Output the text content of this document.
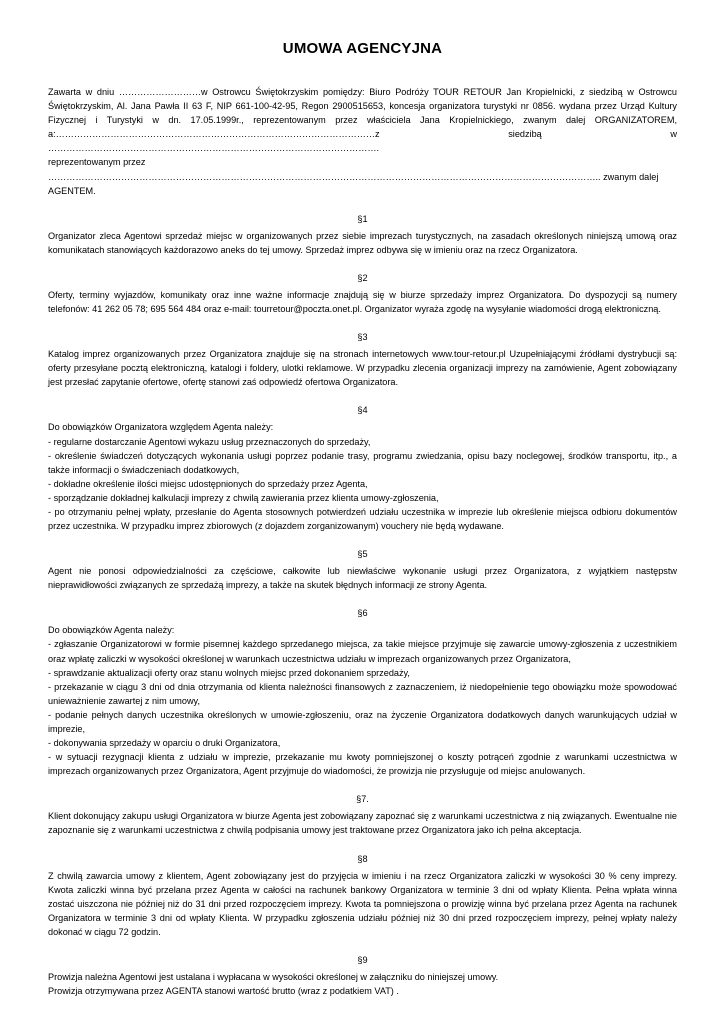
UMOWA AGENCYJNA

Zawarta w dniu ………………………w Ostrowcu Świętokrzyskim pomiędzy: Biuro Podróży TOUR RETOUR Jan Kropielnicki, z siedzibą w Ostrowcu Świętokrzyskim, Al. Jana Pawła II 63 F, NIP 661-100-42-95, Regon 2900515653, koncesja organizatora turystyki nr 0856. wydana przez Urząd Kultury Fizycznej i Turystyki w dn. 17.05.1999r., reprezentowanym przez właściciela Jana Kropielnickiego, zwanym dalej ORGANIZATOREM, a:……………………………………………………………………………………………z siedzibą w ……………………………………………………………………………………………….

reprezentowanym przez ……………………………………………………………………………………………………………………………………………………………….. zwanym dalej AGENTEM.

§1

Organizator zleca Agentowi sprzedaż miejsc w organizowanych przez siebie imprezach turystycznych, na zasadach określonych niniejszą umową oraz komunikatach stanowiących każdorazowo aneks do tej umowy. Sprzedaż imprez odbywa się w imieniu oraz na rzecz Organizatora.

§2

Oferty, terminy wyjazdów, komunikaty oraz inne ważne informacje znajdują się w biurze sprzedaży imprez Organizatora. Do dyspozycji są numery telefonów: 41 262 05 78; 695 564 484 oraz e-mail: tourretour@poczta.onet.pl. Organizator wyraża zgodę na wysyłanie wiadomości drogą elektroniczną.

§3

Katalog imprez organizowanych przez Organizatora znajduje się na stronach internetowych www.tour-retour.pl Uzupełniającymi źródłami dystrybucji są: oferty przesyłane pocztą elektroniczną, katalogi i foldery, ulotki reklamowe. W przypadku zlecenia organizacji imprezy na zamówienie, Agent zobowiązany jest przesłać zapytanie ofertowe, ofertę stanowi zaś odpowiedź ofertowa Organizatora.

§4

Do obowiązków Organizatora względem Agenta należy:

- regularne dostarczanie Agentowi wykazu usług przeznaczonych do sprzedaży,

- określenie świadczeń dotyczących wykonania usługi poprzez podanie trasy, programu zwiedzania, opisu bazy noclegowej, środków transportu, itp., a także informacji o świadczeniach dodatkowych,

- dokładne określenie ilości miejsc udostępnionych do sprzedaży przez Agenta,

- sporządzanie dokładnej kalkulacji imprezy z chwilą zawierania przez klienta umowy-zgłoszenia,

- po otrzymaniu pełnej wpłaty, przesłanie do Agenta stosownych potwierdzeń udziału uczestnika w imprezie lub określenie miejsca odbioru dokumentów przez uczestnika. W przypadku imprez zbiorowych (z dojazdem zorganizowanym) vouchery nie będą wydawane.

§5

Agent nie ponosi odpowiedzialności za częściowe, całkowite lub niewłaściwe wykonanie usługi przez Organizatora, z wyjątkiem następstw nieprawidłowości związanych ze sprzedażą imprezy, a także na skutek błędnych informacji ze strony Agenta.

§6

Do obowiązków Agenta należy:

- zgłaszanie Organizatorowi w formie pisemnej każdego sprzedanego miejsca, za takie miejsce przyjmuje się zawarcie umowy-zgłoszenia z uczestnikiem oraz wpłatę zaliczki w wysokości określonej w warunkach uczestnictwa udziału w imprezach organizowanych przez Organizatora,

- sprawdzanie aktualizacji oferty oraz stanu wolnych miejsc przed dokonaniem sprzedaży,

- przekazanie w ciągu 3 dni od dnia otrzymania od klienta należności finansowych z zaznaczeniem, iż niedopełnienie tego obowiązku może spowodować unieważnienie zawartej z nim umowy,

- podanie pełnych danych uczestnika określonych w umowie-zgłoszeniu, oraz na życzenie Organizatora dodatkowych danych warunkujących udział w imprezie,

- dokonywania sprzedaży w oparciu o druki Organizatora,

- w sytuacji rezygnacji klienta z udziału w imprezie, przekazanie mu kwoty pomniejszonej o koszty potrąceń zgodnie z warunkami uczestnictwa w imprezach organizowanych przez Organizatora, Agent przyjmuje do wiadomości, że prowizja nie przysługuje od miejsc anulowanych.

§7.

Klient dokonujący zakupu usługi Organizatora w biurze Agenta jest zobowiązany zapoznać się z warunkami uczestnictwa z nią związanych. Ewentualne nie zapoznanie się z warunkami uczestnictwa z chwilą podpisania umowy jest traktowane przez Organizatora jako ich pełna akceptacja.

§8

Z chwilą zawarcia umowy z klientem, Agent zobowiązany jest do przyjęcia w imieniu i na rzecz Organizatora zaliczki w wysokości 30 % ceny imprezy. Kwota zaliczki winna być przelana przez Agenta w całości na rachunek bankowy Organizatora w terminie 3 dni od wpłaty Klienta. Pełna wpłata winna zostać uiszczona nie później niż do 31 dni przed rozpoczęciem imprezy. Kwota ta pomniejszona o prowizję winna być przelana przez Agenta na rachunek Organizatora w terminie 3 dni od wpłaty Klienta. W przypadku zgłoszenia udziału później niż 30 dni przed rozpoczęciem imprezy, pełnej wpłaty należy dokonać w ciągu 72 godzin.

§9

Prowizja należna Agentowi jest ustalana i wypłacana w wysokości określonej w załączniku do niniejszej umowy.

Prowizja otrzymywana przez AGENTA stanowi wartość brutto (wraz z podatkiem VAT) .
